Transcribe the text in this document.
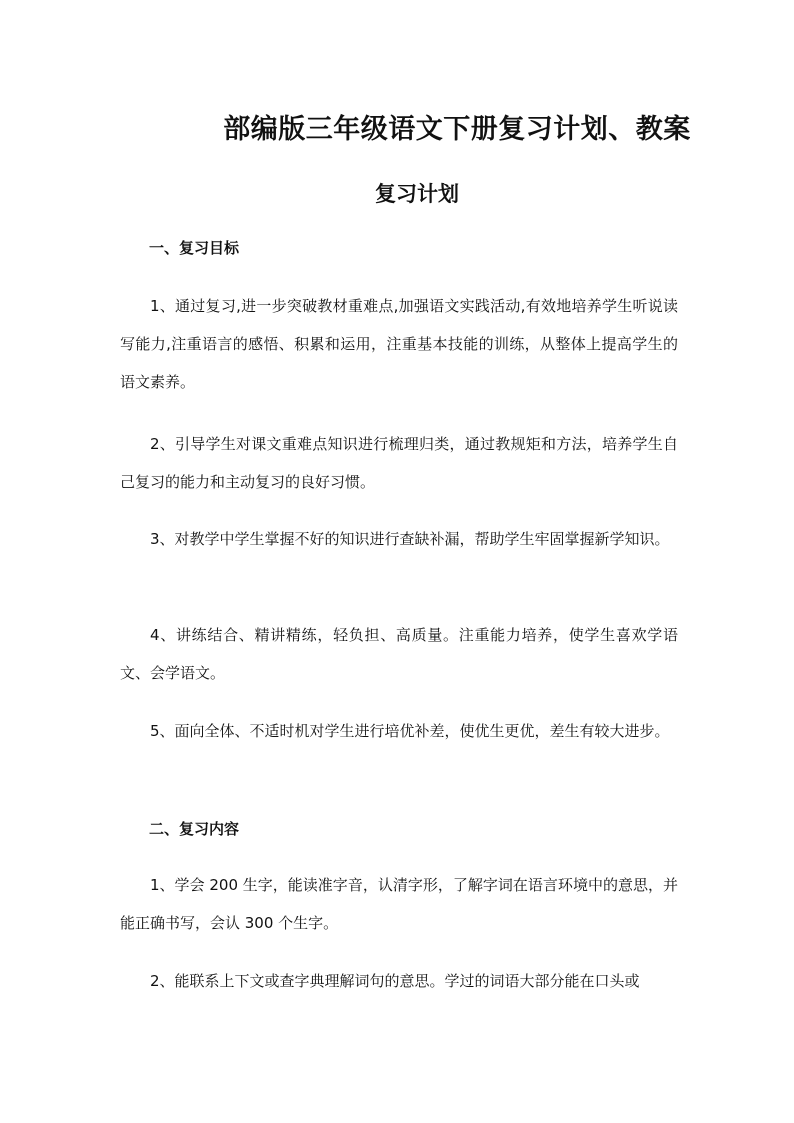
部编版三年级语文下册复习计划、教案
复习计划
一、复习目标

1、通过复习,进一步突破教材重难点,加强语文实践活动,有效地培养学生听说读写能力,注重语言的感悟、积累和运用，注重基本技能的训练，从整体上提高学生的语文素养。

2、引导学生对课文重难点知识进行梳理归类，通过教规矩和方法，培养学生自己复习的能力和主动复习的良好习惯。

3、对教学中学生掌握不好的知识进行查缺补漏，帮助学生牢固掌握新学知识。

4、讲练结合、精讲精练，轻负担、高质量。注重能力培养，使学生喜欢学语文、会学语文。

5、面向全体、不适时机对学生进行培优补差，使优生更优，差生有较大进步。

二、复习内容

1、学会 200 生字，能读准字音，认清字形，了解字词在语言环境中的意思，并能正确书写，会认 300 个生字。

2、能联系上下文或查字典理解词句的意思。学过的词语大部分能在口头或
